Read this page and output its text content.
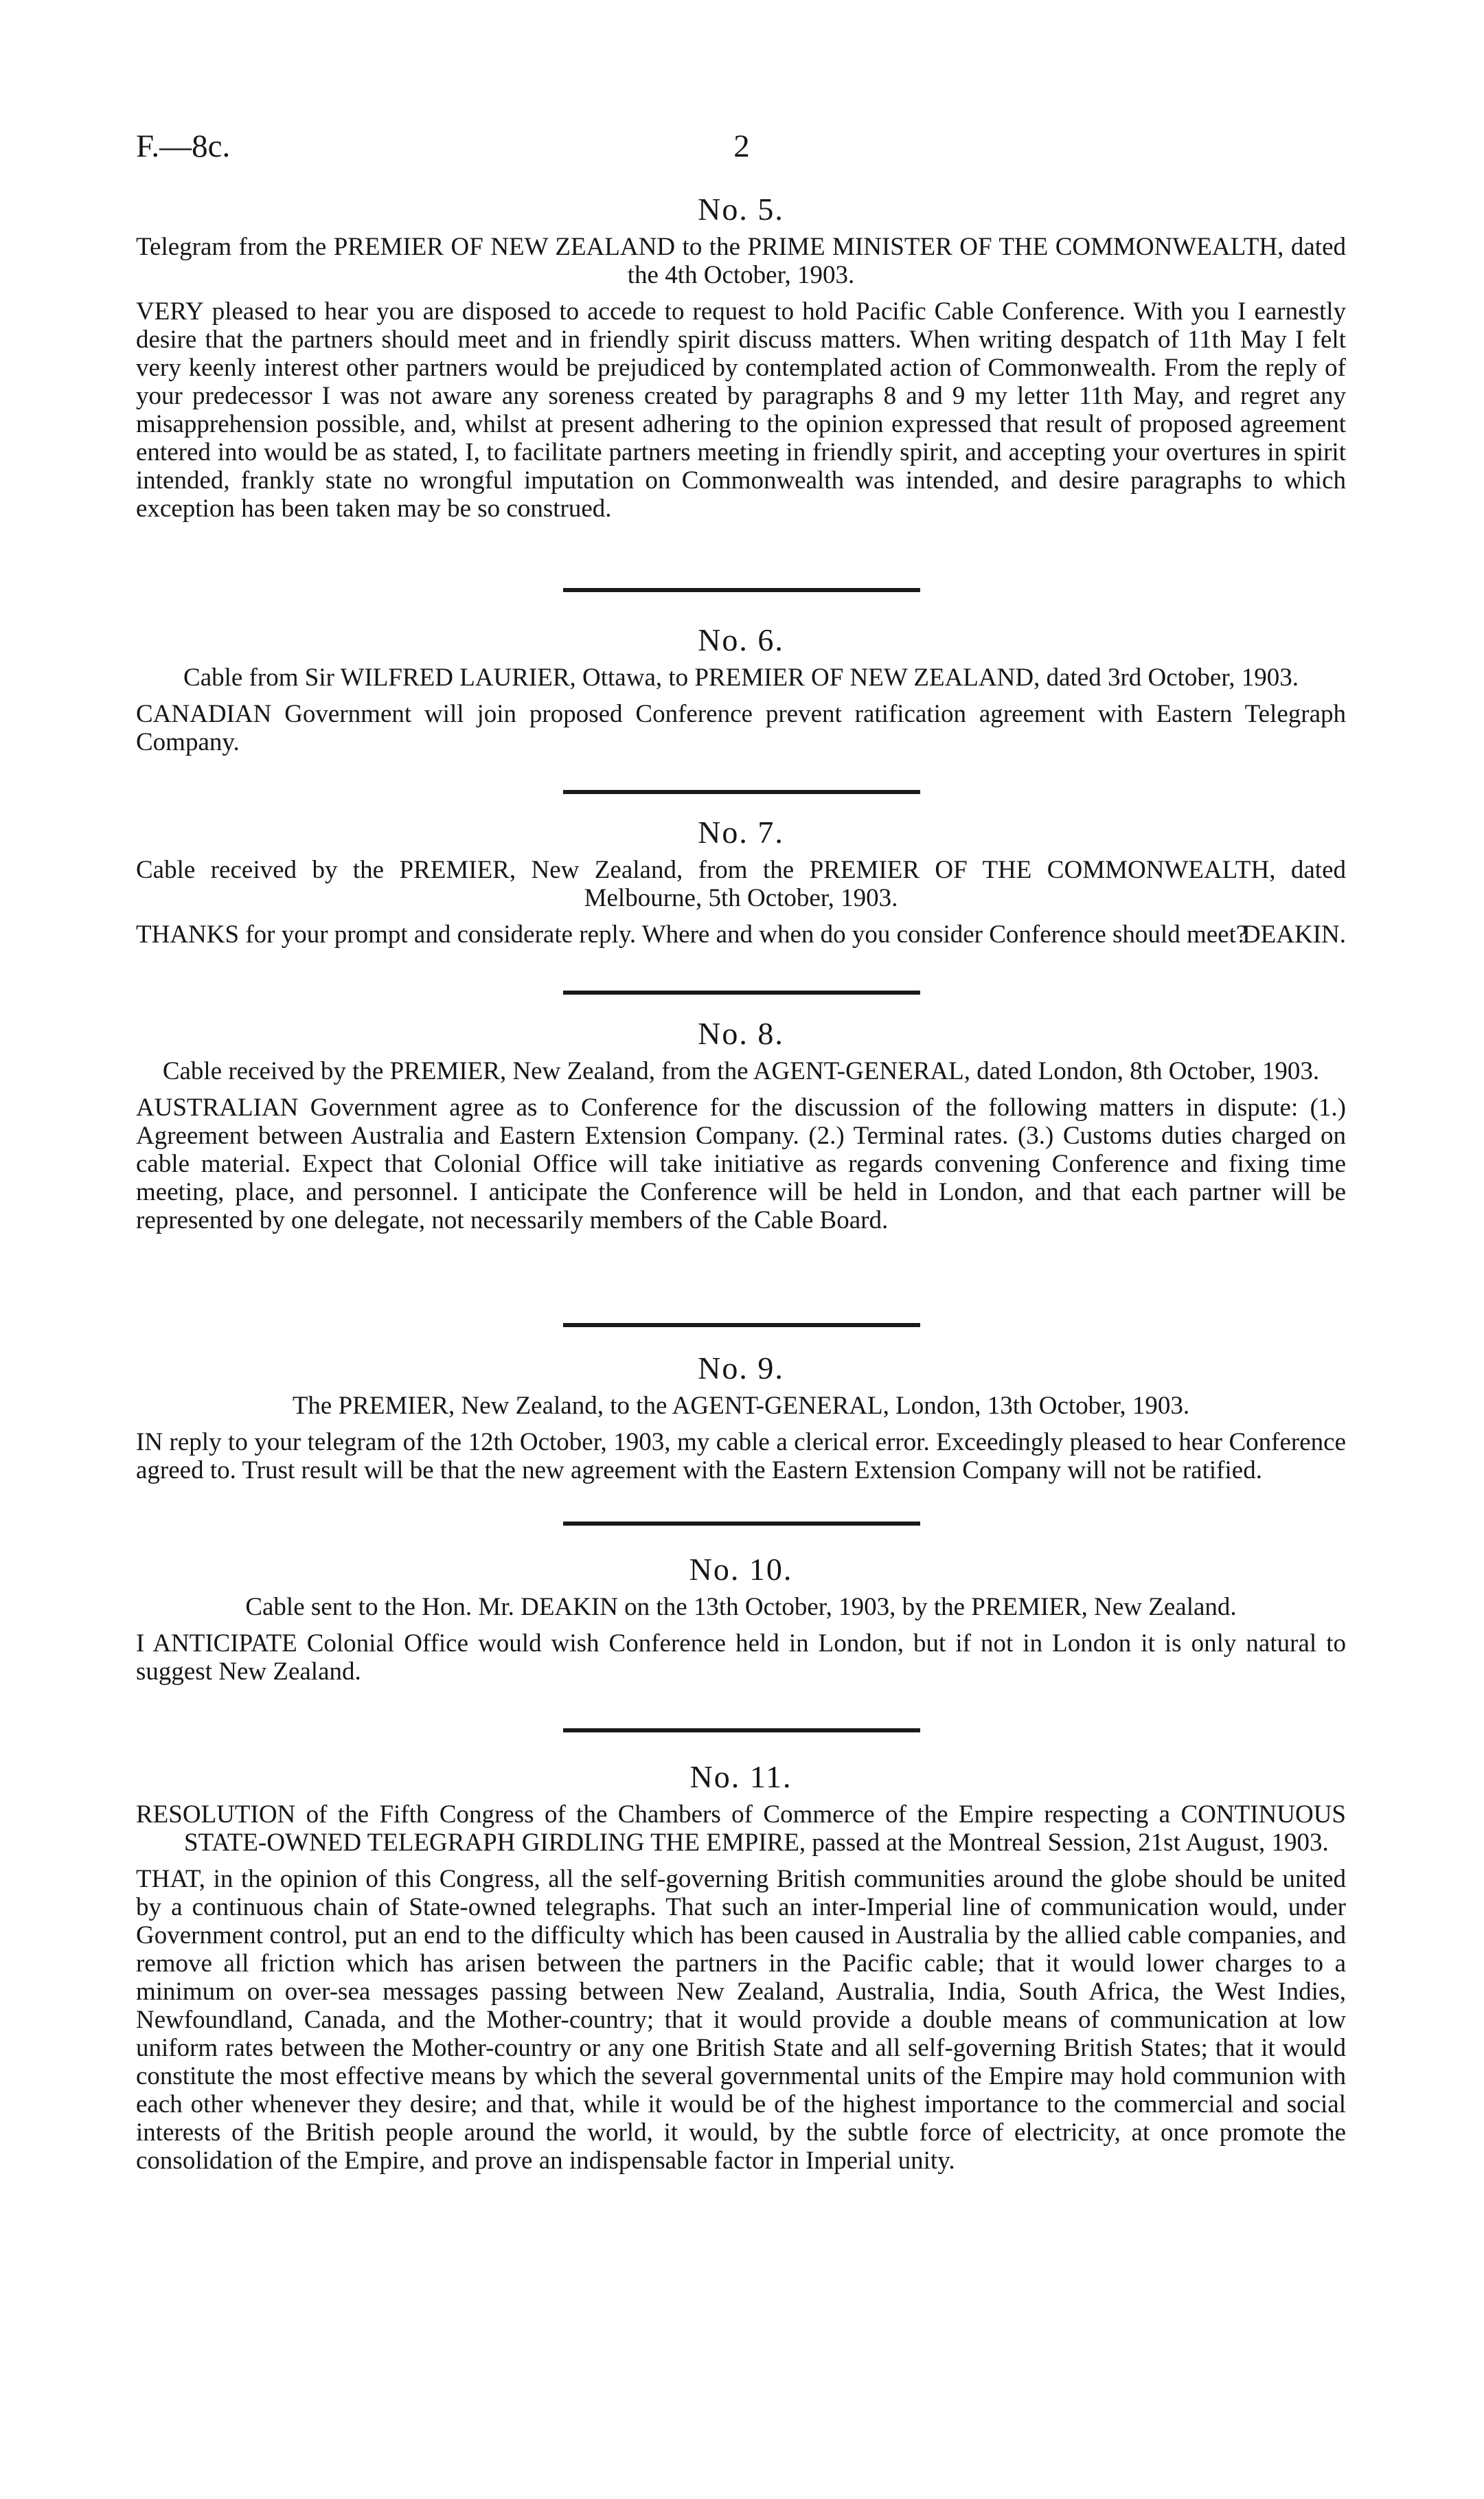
F.—8c.	2
No. 5.

Telegram from the PREMIER OF NEW ZEALAND to the PRIME MINISTER OF THE COMMONWEALTH, dated the 4th October, 1903.

VERY pleased to hear you are disposed to accede to request to hold Pacific Cable Conference. With you I earnestly desire that the partners should meet and in friendly spirit discuss matters. When writing despatch of 11th May I felt very keenly interest other partners would be prejudiced by contemplated action of Commonwealth. From the reply of your predecessor I was not aware any soreness created by paragraphs 8 and 9 my letter 11th May, and regret any misapprehension possible, and, whilst at present adhering to the opinion expressed that result of proposed agreement entered into would be as stated, I, to facilitate partners meeting in friendly spirit, and accepting your overtures in spirit intended, frankly state no wrongful imputation on Commonwealth was intended, and desire paragraphs to which exception has been taken may be so construed.

No. 6.

Cable from Sir WILFRED LAURIER, Ottawa, to PREMIER OF NEW ZEALAND, dated 3rd October, 1903.

CANADIAN Government will join proposed Conference prevent ratification agreement with Eastern Telegraph Company.

No. 7.

Cable received by the PREMIER, New Zealand, from the PREMIER OF THE COMMONWEALTH, dated Melbourne, 5th October, 1903.

THANKS for your prompt and considerate reply. Where and when do you consider Conference should meet?

DEAKIN.

No. 8.

Cable received by the PREMIER, New Zealand, from the AGENT-GENERAL, dated London, 8th October, 1903.

AUSTRALIAN Government agree as to Conference for the discussion of the following matters in dispute: (1.) Agreement between Australia and Eastern Extension Company. (2.) Terminal rates. (3.) Customs duties charged on cable material. Expect that Colonial Office will take initiative as regards convening Conference and fixing time meeting, place, and personnel. I anticipate the Conference will be held in London, and that each partner will be represented by one delegate, not necessarily members of the Cable Board.

No. 9.

The PREMIER, New Zealand, to the AGENT-GENERAL, London, 13th October, 1903.

IN reply to your telegram of the 12th October, 1903, my cable a clerical error. Exceedingly pleased to hear Conference agreed to. Trust result will be that the new agreement with the Eastern Extension Company will not be ratified.

No. 10.

Cable sent to the Hon. Mr. DEAKIN on the 13th October, 1903, by the PREMIER, New Zealand.

I ANTICIPATE Colonial Office would wish Conference held in London, but if not in London it is only natural to suggest New Zealand.

No. 11.

RESOLUTION of the Fifth Congress of the Chambers of Commerce of the Empire respecting a CONTINUOUS STATE-OWNED TELEGRAPH GIRDLING THE EMPIRE, passed at the Montreal Session, 21st August, 1903.

THAT, in the opinion of this Congress, all the self-governing British communities around the globe should be united by a continuous chain of State-owned telegraphs. That such an inter-Imperial line of communication would, under Government control, put an end to the difficulty which has been caused in Australia by the allied cable companies, and remove all friction which has arisen between the partners in the Pacific cable; that it would lower charges to a minimum on over-sea messages passing between New Zealand, Australia, India, South Africa, the West Indies, Newfoundland, Canada, and the Mother-country; that it would provide a double means of communication at low uniform rates between the Mother-country or any one British State and all self-governing British States; that it would constitute the most effective means by which the several governmental units of the Empire may hold communion with each other whenever they desire; and that, while it would be of the highest importance to the commercial and social interests of the British people around the world, it would, by the subtle force of electricity, at once promote the consolidation of the Empire, and prove an indispensable factor in Imperial unity.
